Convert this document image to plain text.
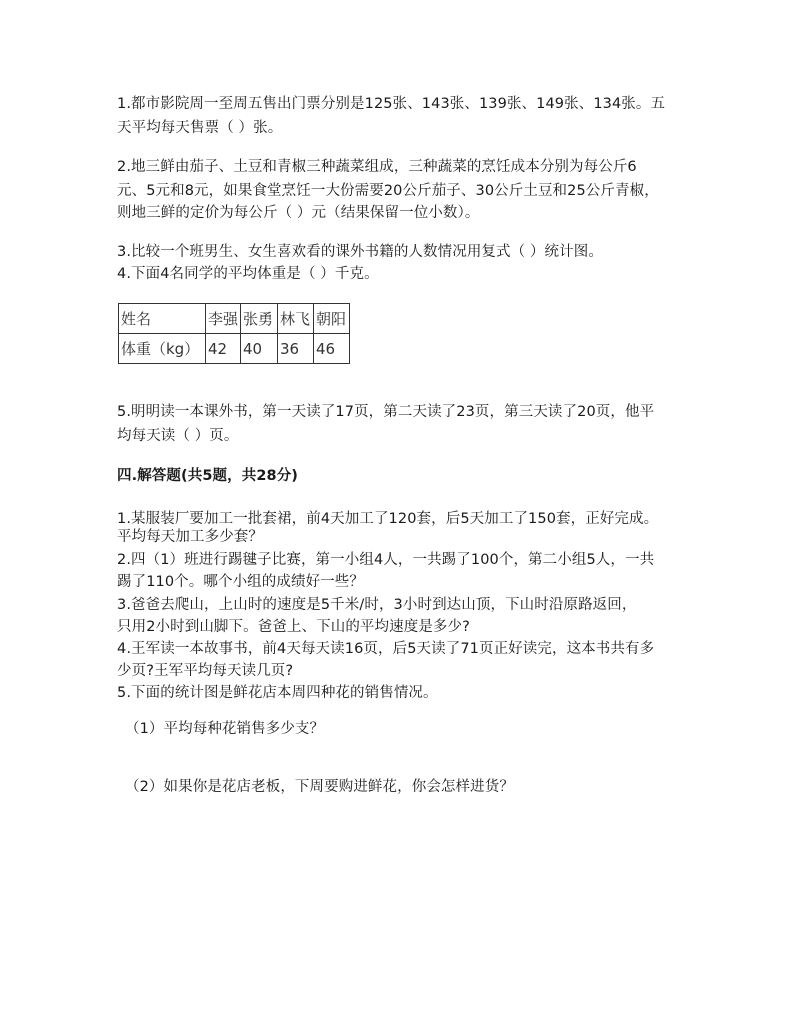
1.都市影院周一至周五售出门票分别是125张、143张、139张、149张、134张。五
天平均每天售票（ ）张。
2.地三鲜由茄子、土豆和青椒三种蔬菜组成，三种蔬菜的烹饪成本分别为每公斤6
元、5元和8元，如果食堂烹饪一大份需要20公斤茄子、30公斤土豆和25公斤青椒，
则地三鲜的定价为每公斤（ ）元（结果保留一位小数）。
3.比较一个班男生、女生喜欢看的课外书籍的人数情况用复式（ ）统计图。
4.下面4名同学的平均体重是（ ）千克。
姓名	李强	张勇	林飞	朝阳
体重（kg）	42	40	36	46
5.明明读一本课外书，第一天读了17页，第二天读了23页，第三天读了20页，他平
均每天读（ ）页。
四.解答题(共5题，共28分)
1.某服装厂要加工一批套裙，前4天加工了120套，后5天加工了150套，正好完成。
平均每天加工多少套？
2.四（1）班进行踢毽子比赛，第一小组4人，一共踢了100个，第二小组5人，一共
踢了110个。哪个小组的成绩好一些？
3.爸爸去爬山，上山时的速度是5千米/时，3小时到达山顶，下山时沿原路返回，
只用2小时到山脚下。爸爸上、下山的平均速度是多少?
4.王军读一本故事书，前4天每天读16页，后5天读了71页正好读完，这本书共有多
少页?王军平均每天读几页?
5.下面的统计图是鲜花店本周四种花的销售情况。
（1）平均每种花销售多少支？
（2）如果你是花店老板，下周要购进鲜花，你会怎样进货？
